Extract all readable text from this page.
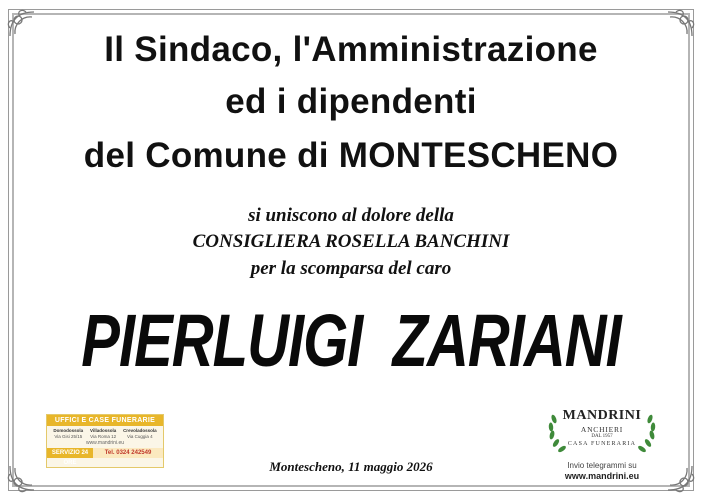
Il Sindaco, l'Amministrazione
ed i dipendenti
del Comune di MONTESCHENO
si uniscono al dolore della
CONSIGLIERA ROSELLA BANCHINI
per la scomparsa del caro
PIERLUIGI  ZARIANI
Montescheno, 11 maggio 2026
UFFICI E CASE FUNERARIE
Domodossola
Via Gisi 25/15
Villadossola
Via Roma 12
Crevoladossola
Via Cuggia 4
www.mandrini.eu
SERVIZIO 24 ORE
Tel. 0324 242549
MANDRINI
ANCHIERI
DAL 1957
CASA FUNERARIA
Invio telegrammi su
www.mandrini.eu
